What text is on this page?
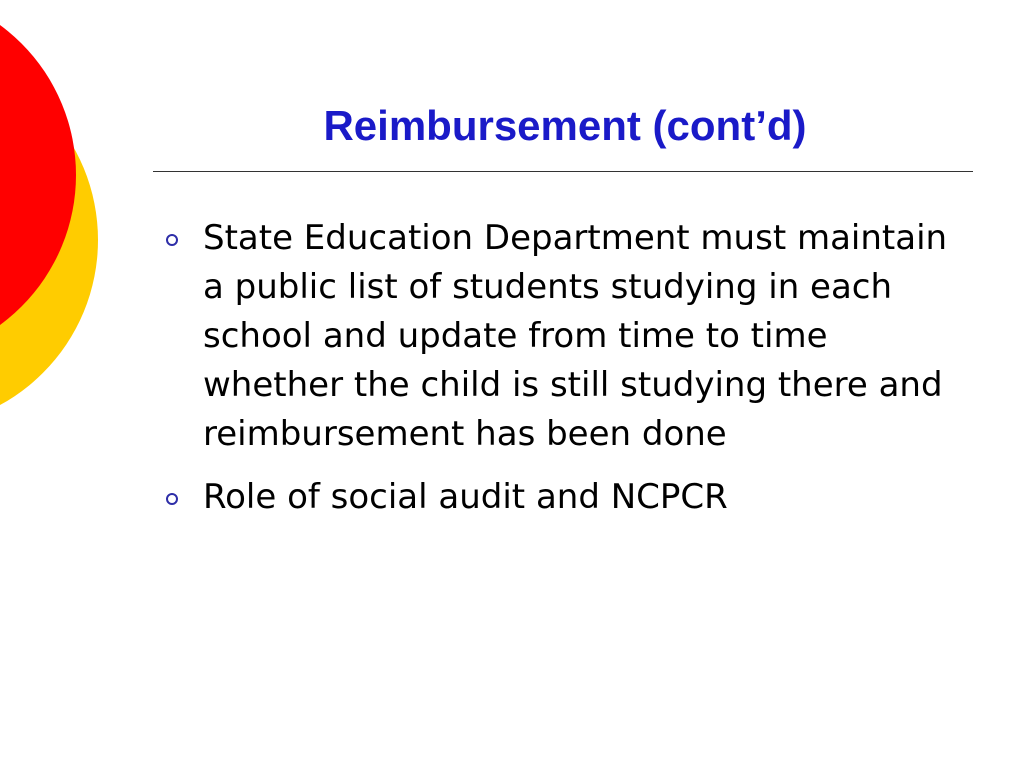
Reimbursement (cont’d)
State Education Department must maintain  a public list of students studying in each school and update from time to time whether the child is still studying there and reimbursement has been done
Role of social audit and NCPCR
